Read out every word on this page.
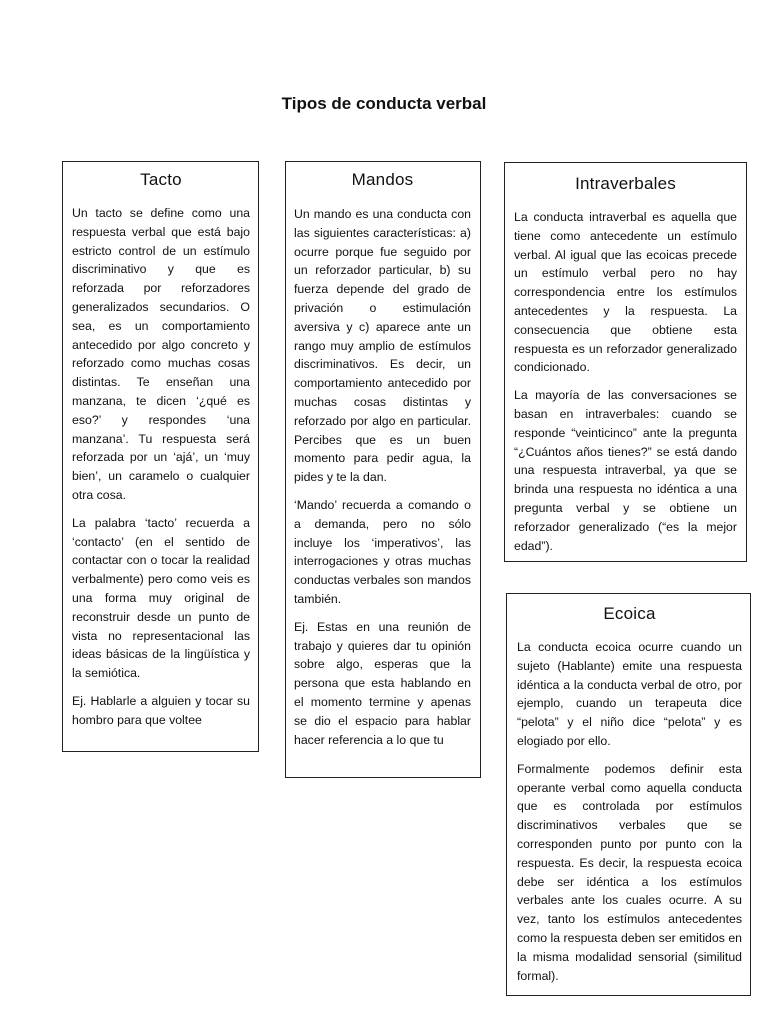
Tipos de conducta verbal
Tacto

Un tacto se define como una respuesta verbal que está bajo estricto control de un estímulo discriminativo y que es reforzada por reforzadores generalizados secundarios. O sea, es un comportamiento antecedido por algo concreto y reforzado como muchas cosas distintas. Te enseñan una manzana, te dicen ‘¿qué es eso?’ y respondes ‘una manzana’. Tu respuesta será reforzada por un ‘ajá’, un ‘muy bien’, un caramelo o cualquier otra cosa.

La palabra ‘tacto’ recuerda a ‘contacto’ (en el sentido de contactar con o tocar la realidad verbalmente) pero como veis es una forma muy original de reconstruir desde un punto de vista no representacional las ideas básicas de la lingüística y la semiótica.

Ej. Hablarle a alguien y tocar su hombro para que voltee

Mandos

Un mando es una conducta con las siguientes características: a) ocurre porque fue seguido por un reforzador particular, b) su fuerza depende del grado de privación o estimulación aversiva y c) aparece ante un rango muy amplio de estímulos discriminativos. Es decir, un comportamiento antecedido por muchas cosas distintas y reforzado por algo en particular. Percibes que es un buen momento para pedir agua, la pides y te la dan.

‘Mando’ recuerda a comando o a demanda, pero no sólo incluye los ‘imperativos’, las interrogaciones y otras muchas conductas verbales son mandos también.

Ej. Estas en una reunión de trabajo y quieres dar tu opinión sobre algo, esperas que la persona que esta hablando en el momento termine y apenas se dio el espacio para hablar hacer referencia a lo que tu

Intraverbales

La conducta intraverbal es aquella que tiene como antecedente un estímulo verbal. Al igual que las ecoicas precede un estímulo verbal pero no hay correspondencia entre los estímulos antecedentes y la respuesta. La consecuencia que obtiene esta respuesta es un reforzador generalizado condicionado.

La mayoría de las conversaciones se basan en intraverbales: cuando se responde “veinticinco” ante la pregunta “¿Cuántos años tienes?” se está dando una respuesta intraverbal, ya que se brinda una respuesta no idéntica a una pregunta verbal y se obtiene un reforzador generalizado (“es la mejor edad”).

Ecoica

La conducta ecoica ocurre cuando un sujeto (Hablante) emite una respuesta idéntica a la conducta verbal de otro, por ejemplo, cuando un terapeuta dice “pelota” y el niño dice “pelota” y es elogiado por ello.

Formalmente podemos definir esta operante verbal como aquella conducta que es controlada por estímulos discriminativos verbales que se corresponden punto por punto con la respuesta. Es decir, la respuesta ecoica debe ser idéntica a los estímulos verbales ante los cuales ocurre. A su vez, tanto los estímulos antecedentes como la respuesta deben ser emitidos en la misma modalidad sensorial (similitud formal).
